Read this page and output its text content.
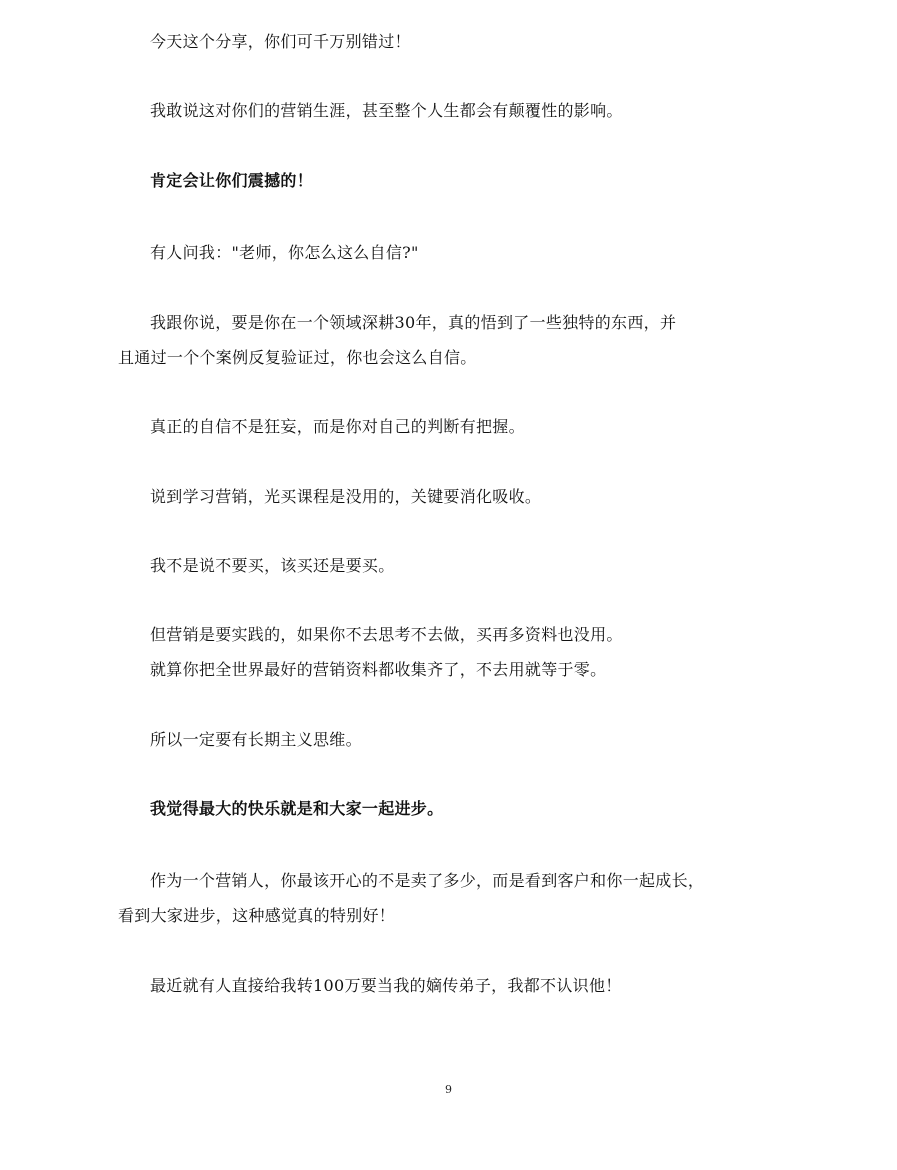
今天这个分享，你们可千万别错过！
我敢说这对你们的营销生涯，甚至整个人生都会有颠覆性的影响。
肯定会让你们震撼的！
有人问我："老师，你怎么这么自信?"
我跟你说，要是你在一个领域深耕30年，真的悟到了一些独特的东西，并
且通过一个个案例反复验证过，你也会这么自信。
真正的自信不是狂妄，而是你对自己的判断有把握。
说到学习营销，光买课程是没用的，关键要消化吸收。
我不是说不要买，该买还是要买。
但营销是要实践的，如果你不去思考不去做，买再多资料也没用。
就算你把全世界最好的营销资料都收集齐了，不去用就等于零。
所以一定要有长期主义思维。
我觉得最大的快乐就是和大家一起进步。
作为一个营销人，你最该开心的不是卖了多少，而是看到客户和你一起成长，
看到大家进步，这种感觉真的特别好！
最近就有人直接给我转100万要当我的嫡传弟子，我都不认识他！
9
